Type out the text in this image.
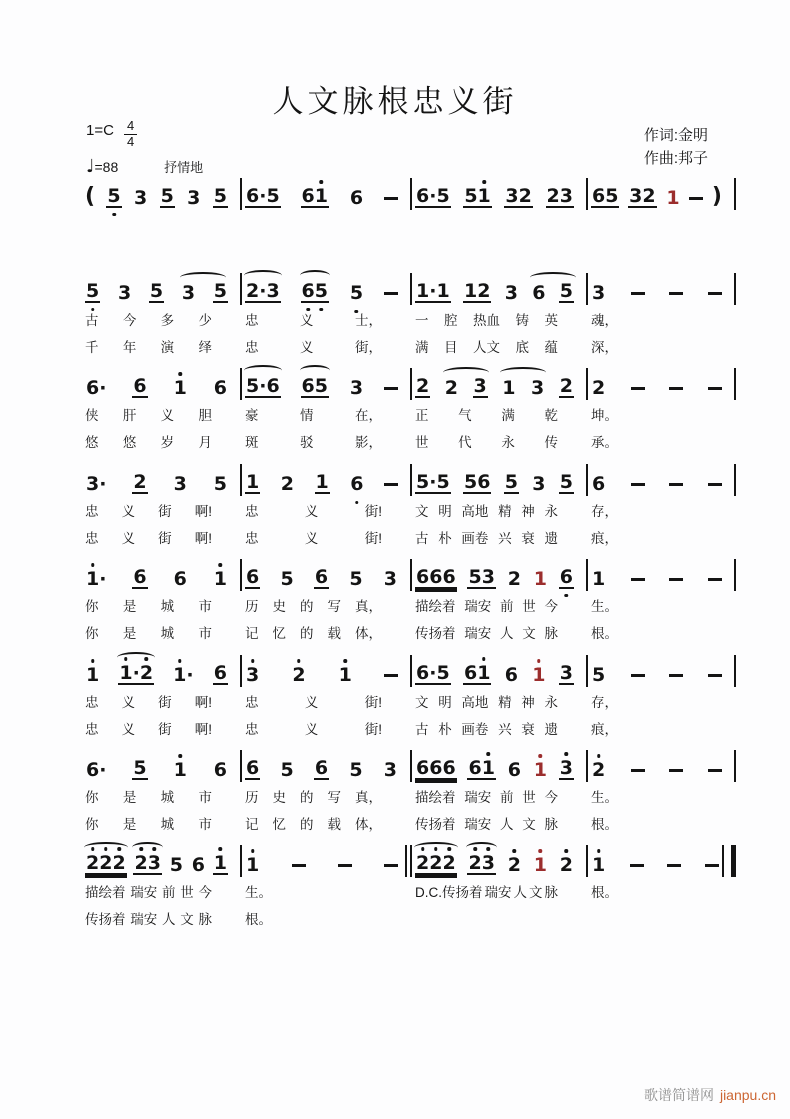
人文脉根忠义街
$1=C \frac{4}{4}$
♩=88	抒情地
作词:金明
作曲:邦子
( 5 3 5 3 5 6 · 5 6 1 6	6 · 5 5 1 3 2 2 3 6 5 3 2 1 )
5 3 5 3 5 2 · 3 6 5 5	1 · 1 1 2 3 6 5 3
古 今 多 少 忠	义	士， 一 腔 热血 铸 英 魂，
千 年 演 绎 忠	义	街， 满 目 人文 底 蕴 深，
6 · 6 1 6 5 · 6 6 5 3	2 2 3 1 3 2 2
侠 肝 义 胆 豪	情	在， 正 气 满 乾 坤。
悠 悠 岁 月 斑	驳	影， 世 代 永 传 承。
3 · 2 3 5 1 2 1 6	5 · 5 5 6 5 3 5 6
忠 义 街 啊! 忠	义	街! 文 明 高地 精 神 永 存，
忠 义 街 啊! 忠	义	街! 古 朴 画卷 兴 衰 遗 痕，
1 · 6 6 1 6 5 6 5 3 6 6 6 5 3 2 1 6 1
你 是 城 市 历 史 的 写 真， 描绘着 瑞安 前 世 今 生。
你 是 城 市 记 忆 的 载 体， 传扬着 瑞安 人 文 脉 根。
1 1 · 2 1 · 6 3 2 1	6 · 5 6 1 6 1 3 5
忠 义 街 啊! 忠	义	街! 文 明 高地 精 神 永 存，
忠 义 街 啊! 忠	义	街! 古 朴 画卷 兴 衰 遗 痕，
6 · 5 1 6 6 5 6 5 3 6 6 6 6 1 6 1 3 2
你 是 城 市 历 史 的 写 真， 描绘着 瑞安 前 世 今 生。
你 是 城 市 记 忆 的 载 体， 传扬着 瑞安 人 文 脉 根。
2 2 2 2 3 5 6 1 1	2 2 2 2 3 2 1 2 1
描绘着 瑞安 前 世 今 生。	D.C.传扬着 瑞安 人 文 脉 根。
传扬着 瑞安 人 文 脉 根。
歌谱简谱网 jianpu.cn
